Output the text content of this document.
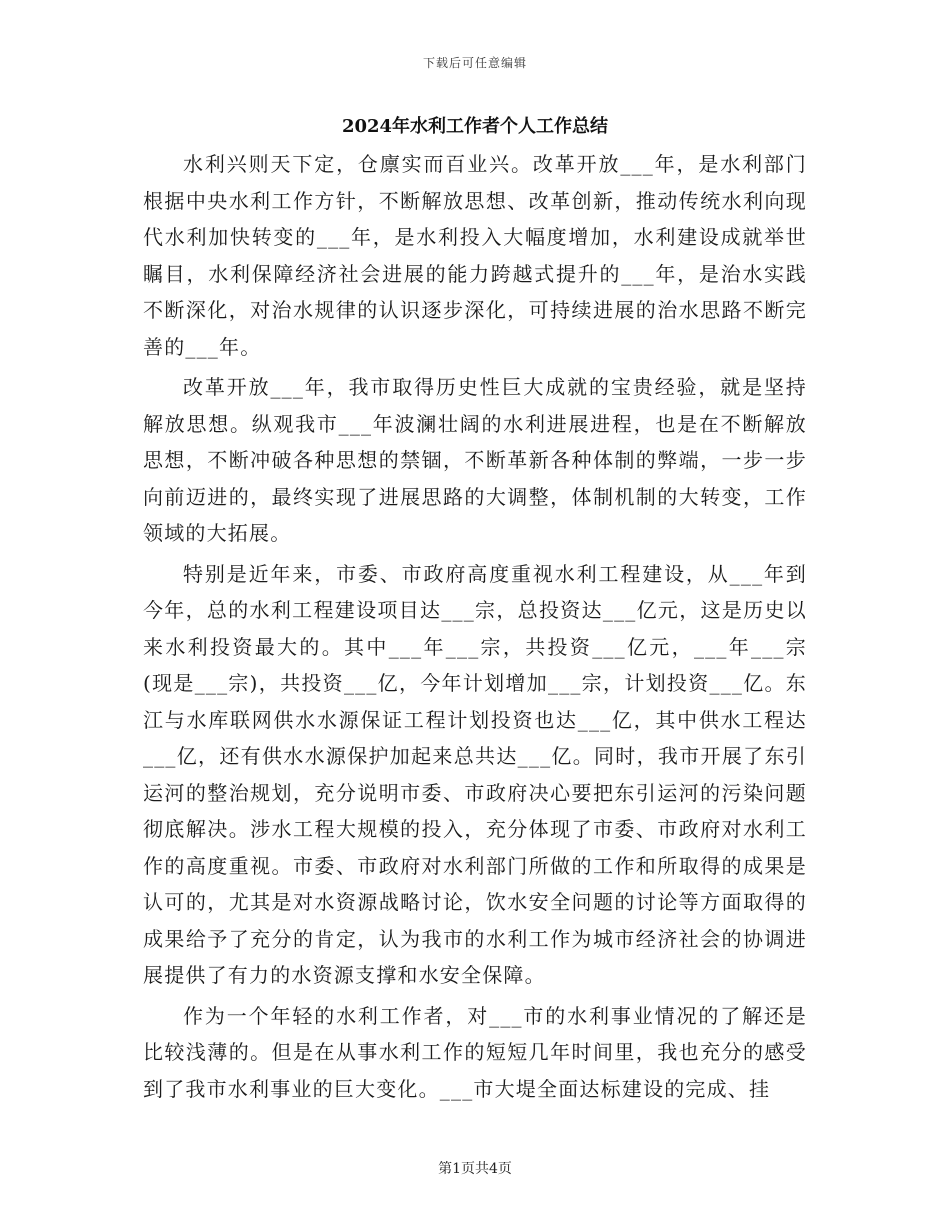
下载后可任意编辑
2024年水利工作者个人工作总结

水利兴则天下定，仓廪实而百业兴。改革开放___年，是水利部门根据中央水利工作方针，不断解放思想、改革创新，推动传统水利向现代水利加快转变的___年，是水利投入大幅度增加，水利建设成就举世瞩目，水利保障经济社会进展的能力跨越式提升的___年，是治水实践不断深化，对治水规律的认识逐步深化，可持续进展的治水思路不断完善的___年。

改革开放___年，我市取得历史性巨大成就的宝贵经验，就是坚持解放思想。纵观我市___年波澜壮阔的水利进展进程，也是在不断解放思想，不断冲破各种思想的禁锢，不断革新各种体制的弊端，一步一步向前迈进的，最终实现了进展思路的大调整，体制机制的大转变，工作领域的大拓展。

特别是近年来，市委、市政府高度重视水利工程建设，从___年到今年，总的水利工程建设项目达___宗，总投资达___亿元，这是历史以来水利投资最大的。其中___年___宗，共投资___亿元，___年___宗(现是___宗)，共投资___亿，今年计划增加___宗，计划投资___亿。东江与水库联网供水水源保证工程计划投资也达___亿，其中供水工程达___亿，还有供水水源保护加起来总共达___亿。同时，我市开展了东引运河的整治规划，充分说明市委、市政府决心要把东引运河的污染问题彻底解决。涉水工程大规模的投入，充分体现了市委、市政府对水利工作的高度重视。市委、市政府对水利部门所做的工作和所取得的成果是认可的，尤其是对水资源战略讨论，饮水安全问题的讨论等方面取得的成果给予了充分的肯定，认为我市的水利工作为城市经济社会的协调进展提供了有力的水资源支撑和水安全保障。

作为一个年轻的水利工作者，对___市的水利事业情况的了解还是比较浅薄的。但是在从事水利工作的短短几年时间里，我也充分的感受到了我市水利事业的巨大变化。___市大堤全面达标建设的完成、挂

第1页共4页
